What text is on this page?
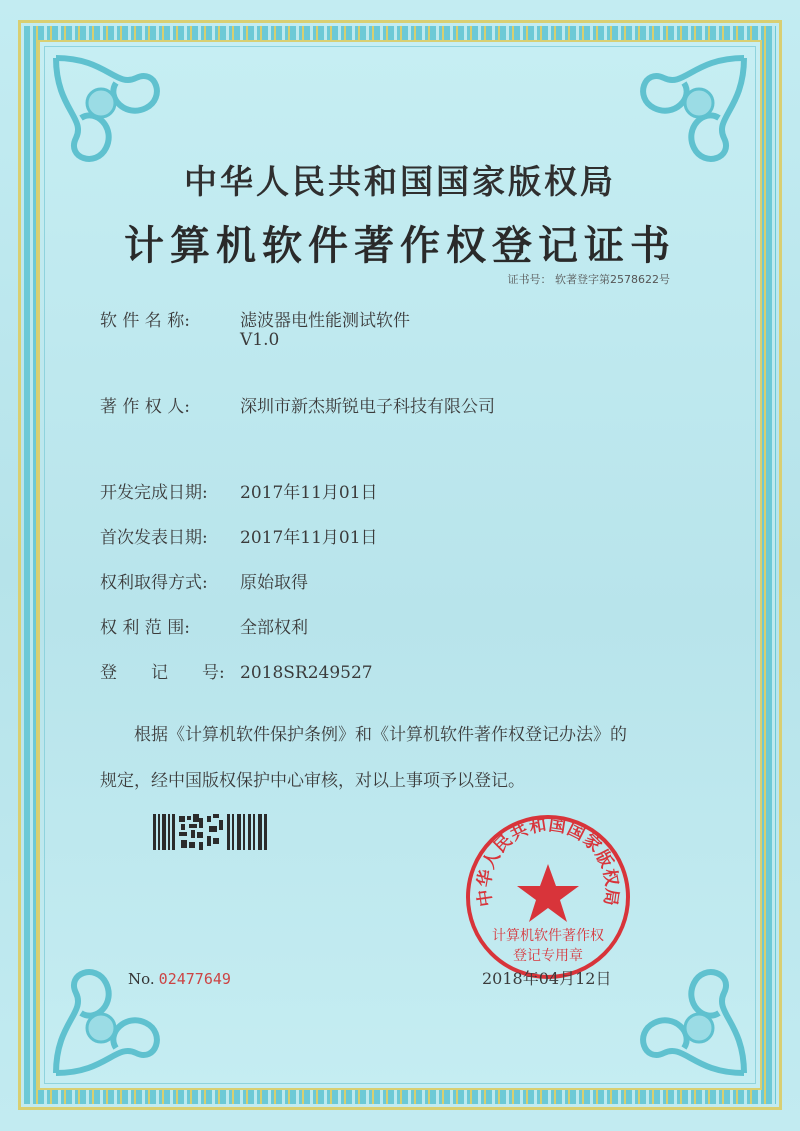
中华人民共和国国家版权局
计算机软件著作权登记证书
证书号： 软著登字第2578622号
软 件 名 称:	滤波器电性能测试软件
V1.0
著 作 权 人:	深圳市新杰斯锐电子科技有限公司
开发完成日期: 2017年11月01日
首次发表日期: 2017年11月01日
权利取得方式: 原始取得
权 利 范 围:	全部权利
登　　记　　号: 2018SR249527
根据《计算机软件保护条例》和《计算机软件著作权登记办法》的
规定，经中国版权保护中心审核，对以上事项予以登记。
中华人民共和国国家版权局
计算机软件著作权
登记专用章
No. 02477649	2018年04月12日
